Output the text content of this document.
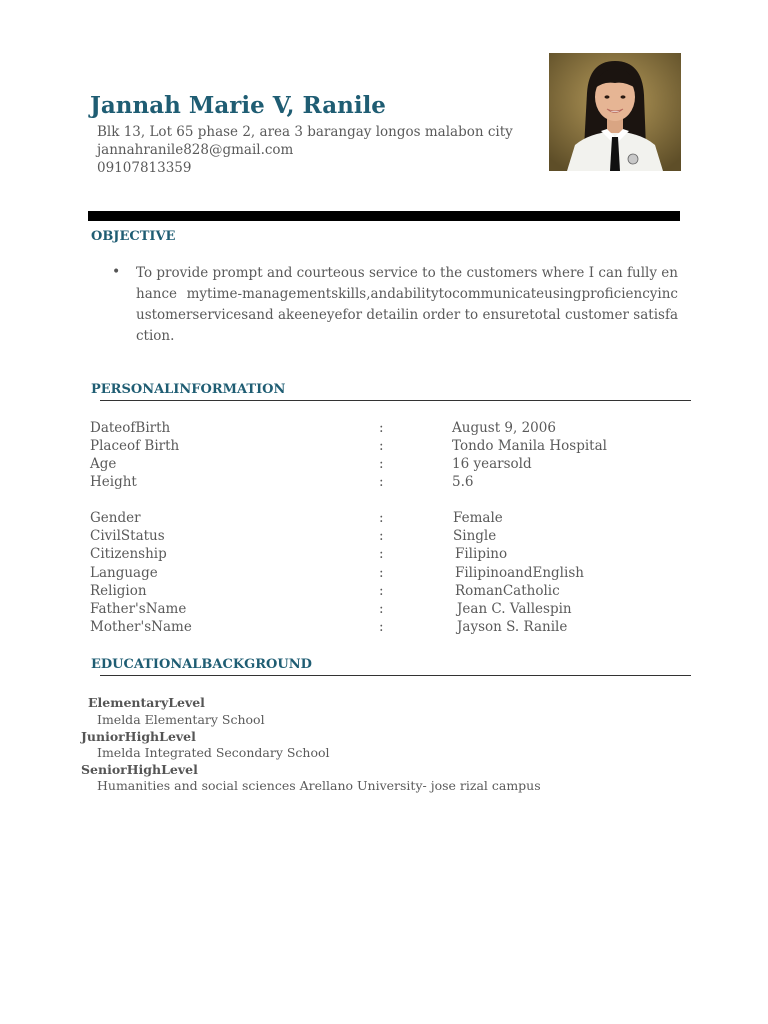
Jannah Marie V, Ranile
Blk 13, Lot 65 phase 2, area 3 barangay longos malabon city
jannahranile828@gmail.com
09107813359
OBJECTIVE
• To provide prompt and courteous service to the customers where I can fully enhance mytime-managementskills,andabilitytocommunicateusingproficiencyincustomerservicesand akeeneyefor detailin order to ensuretotal customer satisfaction.

PERSONALINFORMATION
DateofBirth	:	August 9, 2006
Placeof Birth	:	Tondo Manila Hospital
Age	:	16 yearsold
Height	:	5.6
Gender	:	Female
CivilStatus	:	Single
Citizenship	:	Filipino
Language	:	FilipinoandEnglish
Religion	:	RomanCatholic
Father'sName	:	Jean C. Vallespin
Mother'sName	:	Jayson S. Ranile
EDUCATIONALBACKGROUND
ElementaryLevel
Imelda Elementary School
JuniorHighLevel
Imelda Integrated Secondary School
SeniorHighLevel
Humanities and social sciences Arellano University- jose rizal campus
